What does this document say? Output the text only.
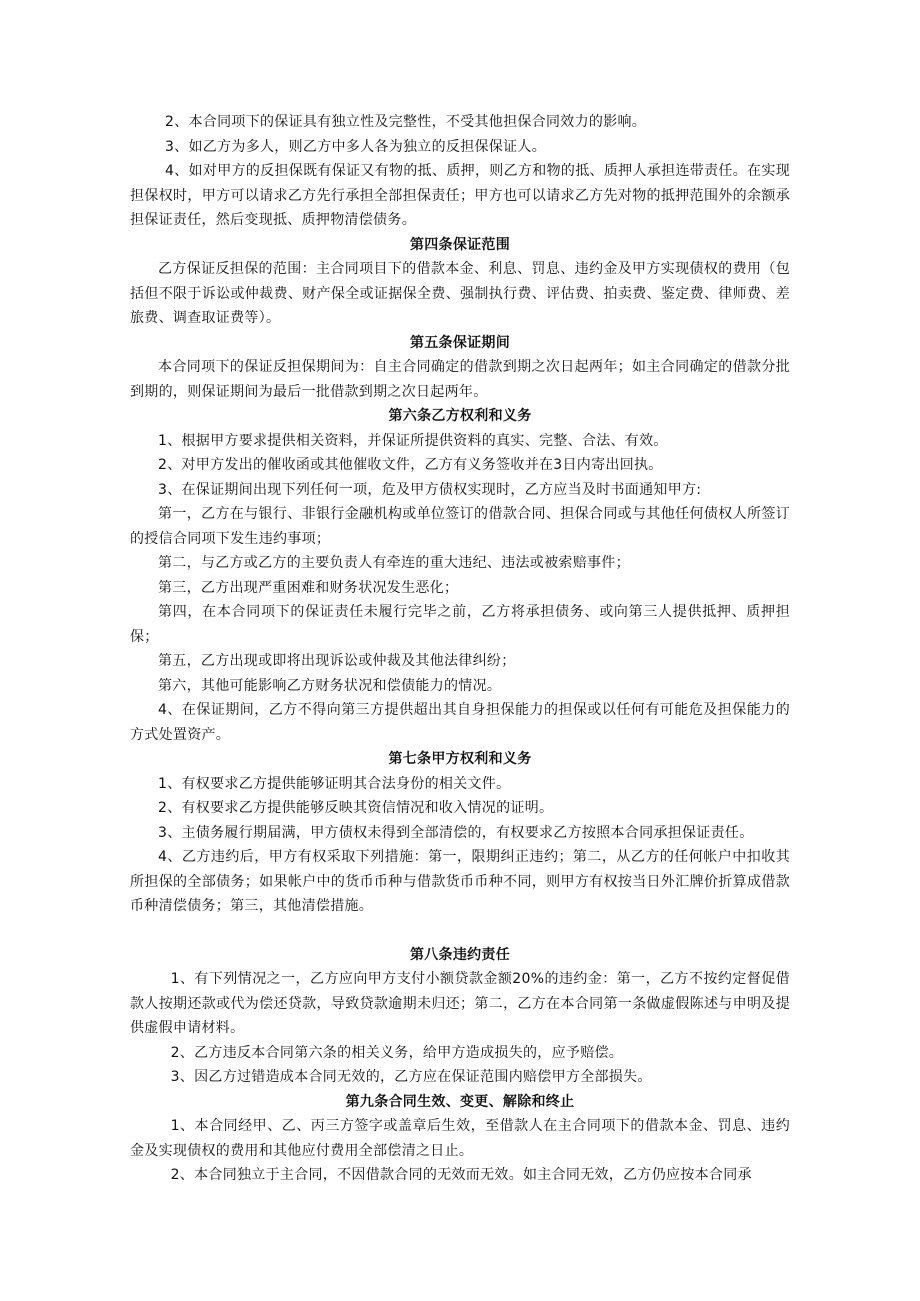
2、本合同项下的保证具有独立性及完整性，不受其他担保合同效力的影响。

3、如乙方为多人，则乙方中多人各为独立的反担保保证人。

4、如对甲方的反担保既有保证又有物的抵、质押，则乙方和物的抵、质押人承担连带责任。在实现担保权时，甲方可以请求乙方先行承担全部担保责任；甲方也可以请求乙方先对物的抵押范围外的余额承担保证责任，然后变现抵、质押物清偿债务。

第四条保证范围

乙方保证反担保的范围：主合同项目下的借款本金、利息、罚息、违约金及甲方实现债权的费用（包括但不限于诉讼或仲裁费、财产保全或证据保全费、强制执行费、评估费、拍卖费、鉴定费、律师费、差旅费、调查取证费等）。

第五条保证期间

本合同项下的保证反担保期间为：自主合同确定的借款到期之次日起两年；如主合同确定的借款分批到期的，则保证期间为最后一批借款到期之次日起两年。

第六条乙方权利和义务

1、根据甲方要求提供相关资料，并保证所提供资料的真实、完整、合法、有效。

2、对甲方发出的催收函或其他催收文件，乙方有义务签收并在3日内寄出回执。

3、在保证期间出现下列任何一项，危及甲方债权实现时，乙方应当及时书面通知甲方:

第一，乙方在与银行、非银行金融机构或单位签订的借款合同、担保合同或与其他任何债权人所签订的授信合同项下发生违约事项；

第二，与乙方或乙方的主要负责人有牵连的重大违纪、违法或被索赔事件；

第三，乙方出现严重困难和财务状况发生恶化；

第四，在本合同项下的保证责任未履行完毕之前，乙方将承担债务、或向第三人提供抵押、质押担保；

第五，乙方出现或即将出现诉讼或仲裁及其他法律纠纷；

第六，其他可能影响乙方财务状况和偿债能力的情况。

4、在保证期间，乙方不得向第三方提供超出其自身担保能力的担保或以任何有可能危及担保能力的方式处置资产。

第七条甲方权利和义务

1、有权要求乙方提供能够证明其合法身份的相关文件。

2、有权要求乙方提供能够反映其资信情况和收入情况的证明。

3、主债务履行期届满，甲方债权未得到全部清偿的，有权要求乙方按照本合同承担保证责任。

4、乙方违约后，甲方有权采取下列措施：第一，限期纠正违约；第二，从乙方的任何帐户中扣收其所担保的全部债务；如果帐户中的货币币种与借款货币币种不同，则甲方有权按当日外汇牌价折算成借款币种清偿债务；第三，其他清偿措施。

第八条违约责任

1、有下列情况之一，乙方应向甲方支付小额贷款金额20%的违约金：第一，乙方不按约定督促借款人按期还款或代为偿还贷款，导致贷款逾期未归还；第二，乙方在本合同第一条做虚假陈述与申明及提供虚假申请材料。

2、乙方违反本合同第六条的相关义务，给甲方造成损失的，应予赔偿。

3、因乙方过错造成本合同无效的，乙方应在保证范围内赔偿甲方全部损失。

第九条合同生效、变更、解除和终止

1、本合同经甲、乙、丙三方签字或盖章后生效，至借款人在主合同项下的借款本金、罚息、违约金及实现债权的费用和其他应付费用全部偿清之日止。

2、本合同独立于主合同，不因借款合同的无效而无效。如主合同无效，乙方仍应按本合同承
